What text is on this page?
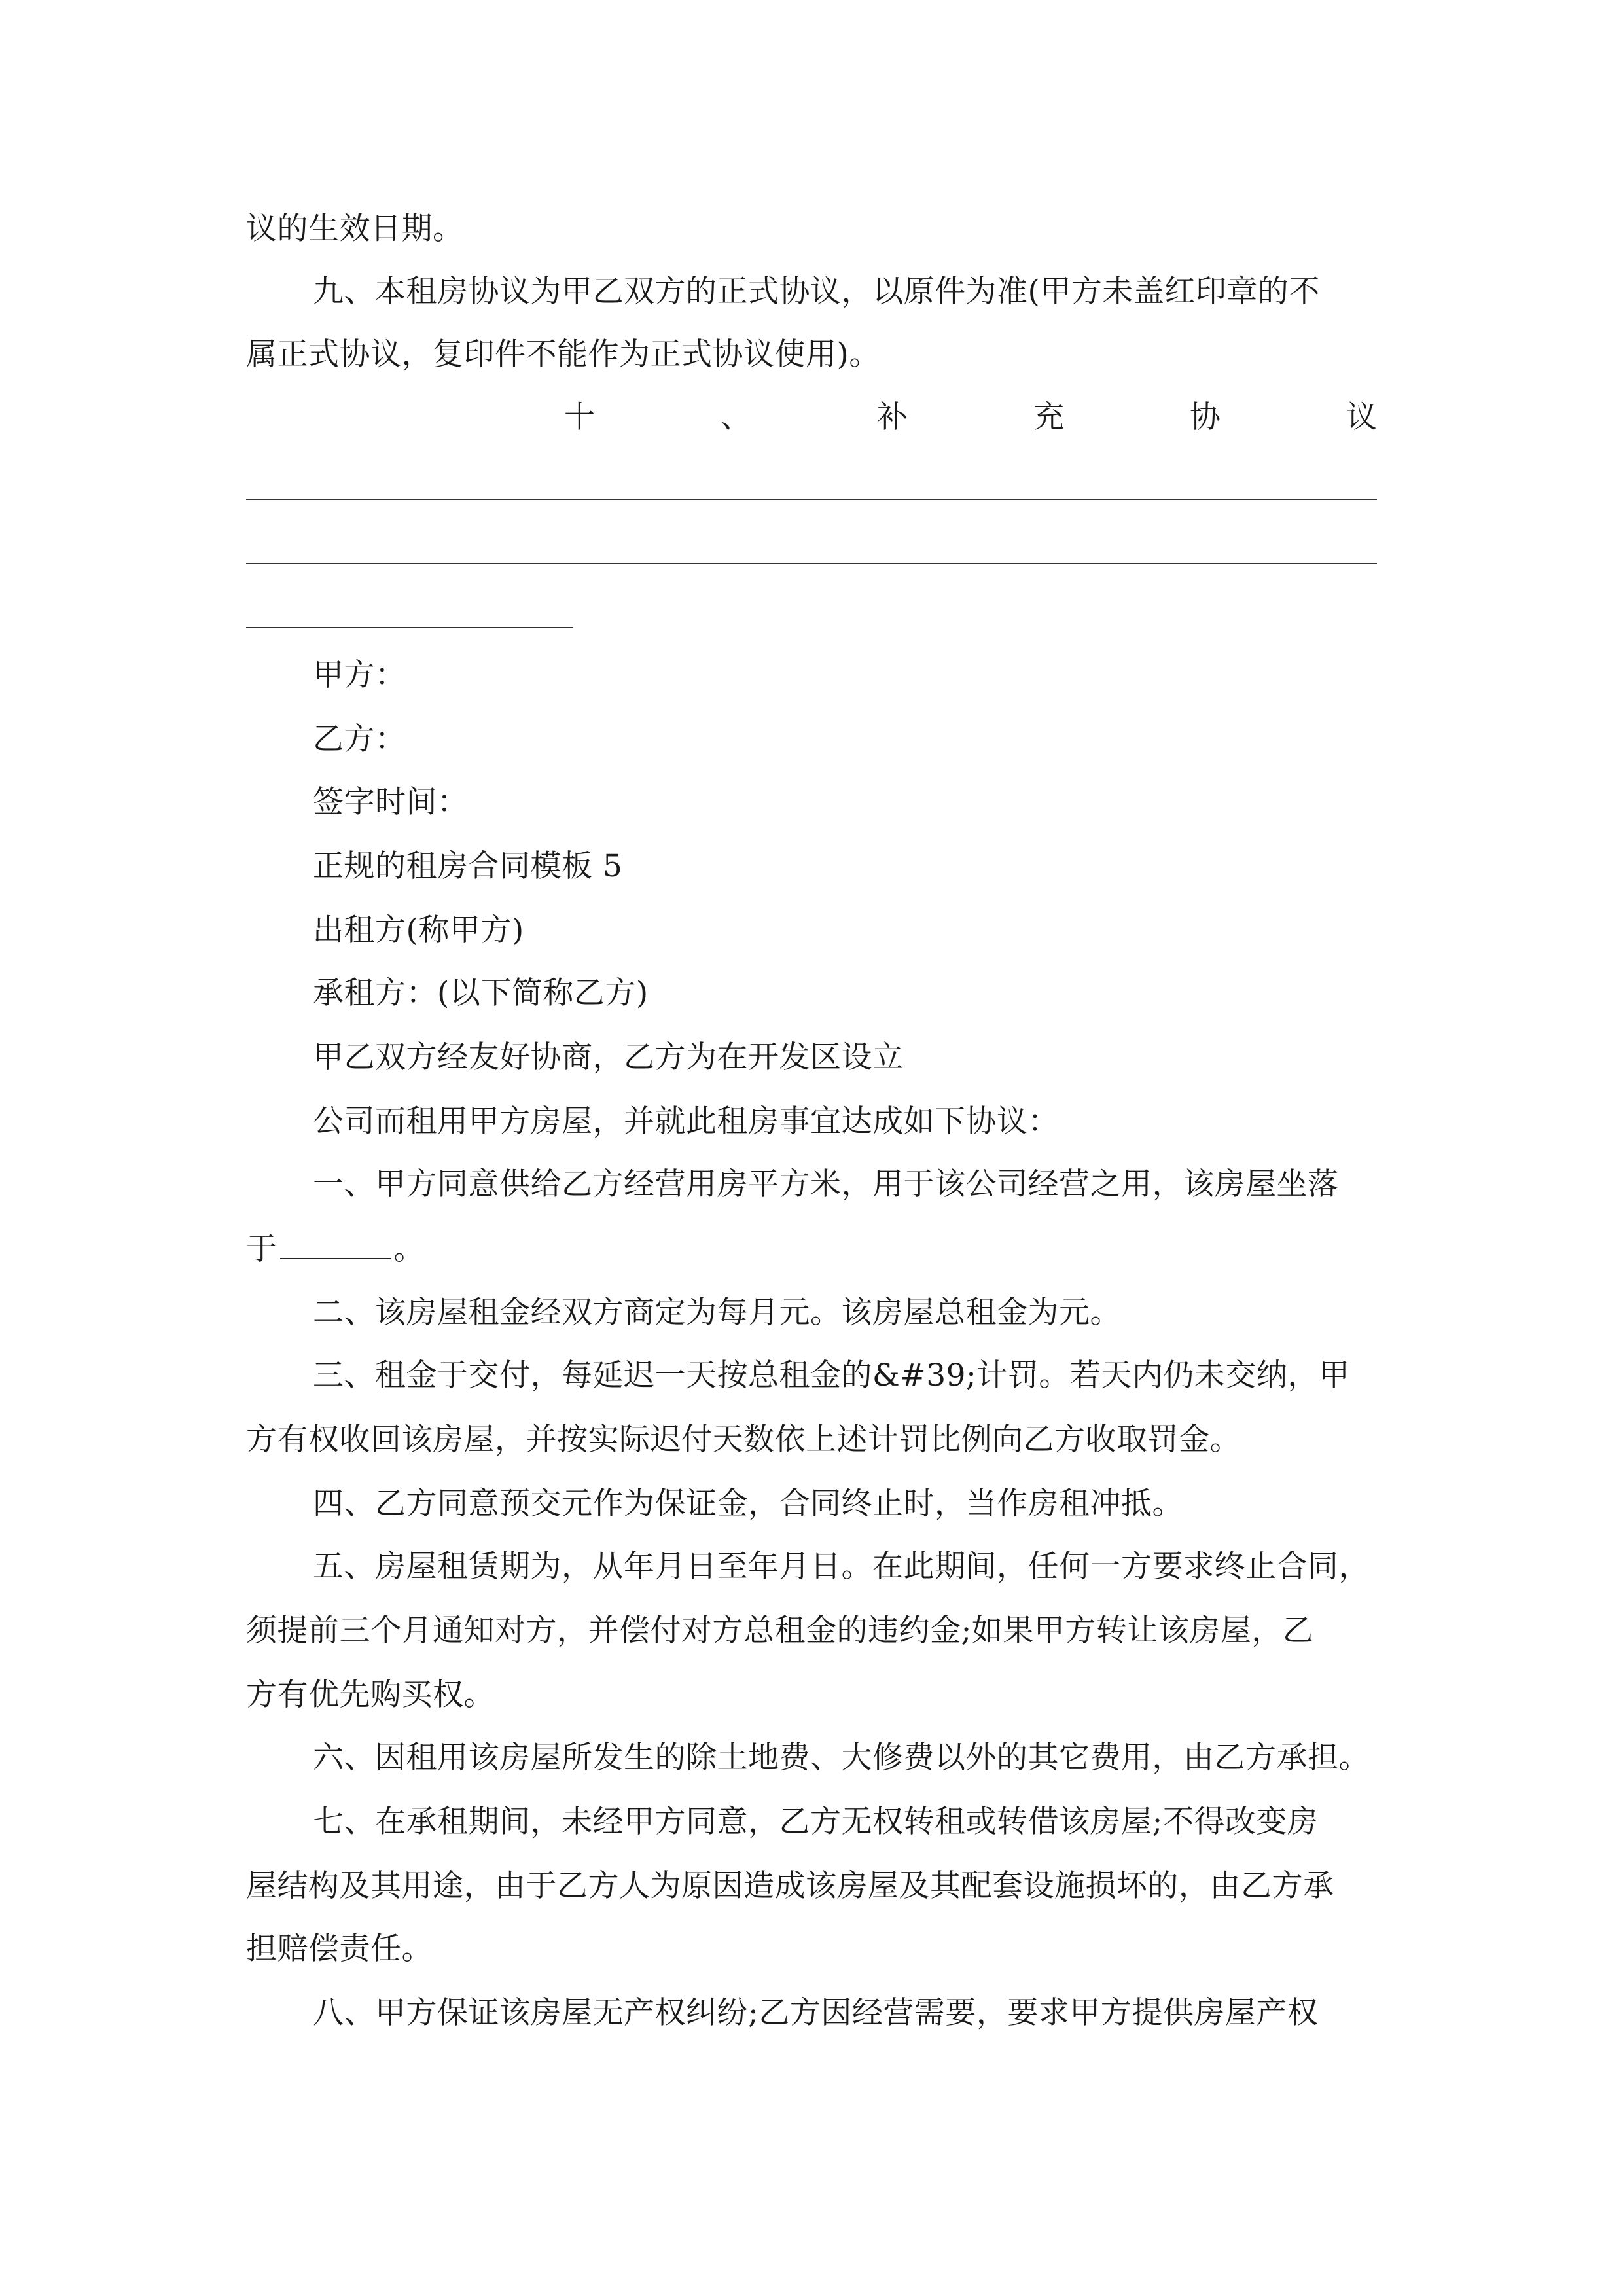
议的生效日期。
九、本租房协议为甲乙双方的正式协议，以原件为准(甲方未盖红印章的不
属正式协议，复印件不能作为正式协议使用)。
十	、	补	充	协	议
甲方：
乙方：
签字时间：
正规的租房合同模板 5
出租方(称甲方)
承租方：(以下简称乙方)
甲乙双方经友好协商，乙方为在开发区设立
公司而租用甲方房屋，并就此租房事宜达成如下协议：
一、甲方同意供给乙方经营用房平方米，用于该公司经营之用，该房屋坐落
于	。
二、该房屋租金经双方商定为每月元。该房屋总租金为元。
三、租金于交付，每延迟一天按总租金的&#39;计罚。若天内仍未交纳，甲
方有权收回该房屋，并按实际迟付天数依上述计罚比例向乙方收取罚金。
四、乙方同意预交元作为保证金，合同终止时，当作房租冲抵。
五、房屋租赁期为，从年月日至年月日。在此期间，任何一方要求终止合同，
须提前三个月通知对方，并偿付对方总租金的违约金;如果甲方转让该房屋，乙
方有优先购买权。
六、因租用该房屋所发生的除土地费、大修费以外的其它费用，由乙方承担。
七、在承租期间，未经甲方同意，乙方无权转租或转借该房屋;不得改变房
屋结构及其用途，由于乙方人为原因造成该房屋及其配套设施损坏的，由乙方承
担赔偿责任。
八、甲方保证该房屋无产权纠纷;乙方因经营需要，要求甲方提供房屋产权
